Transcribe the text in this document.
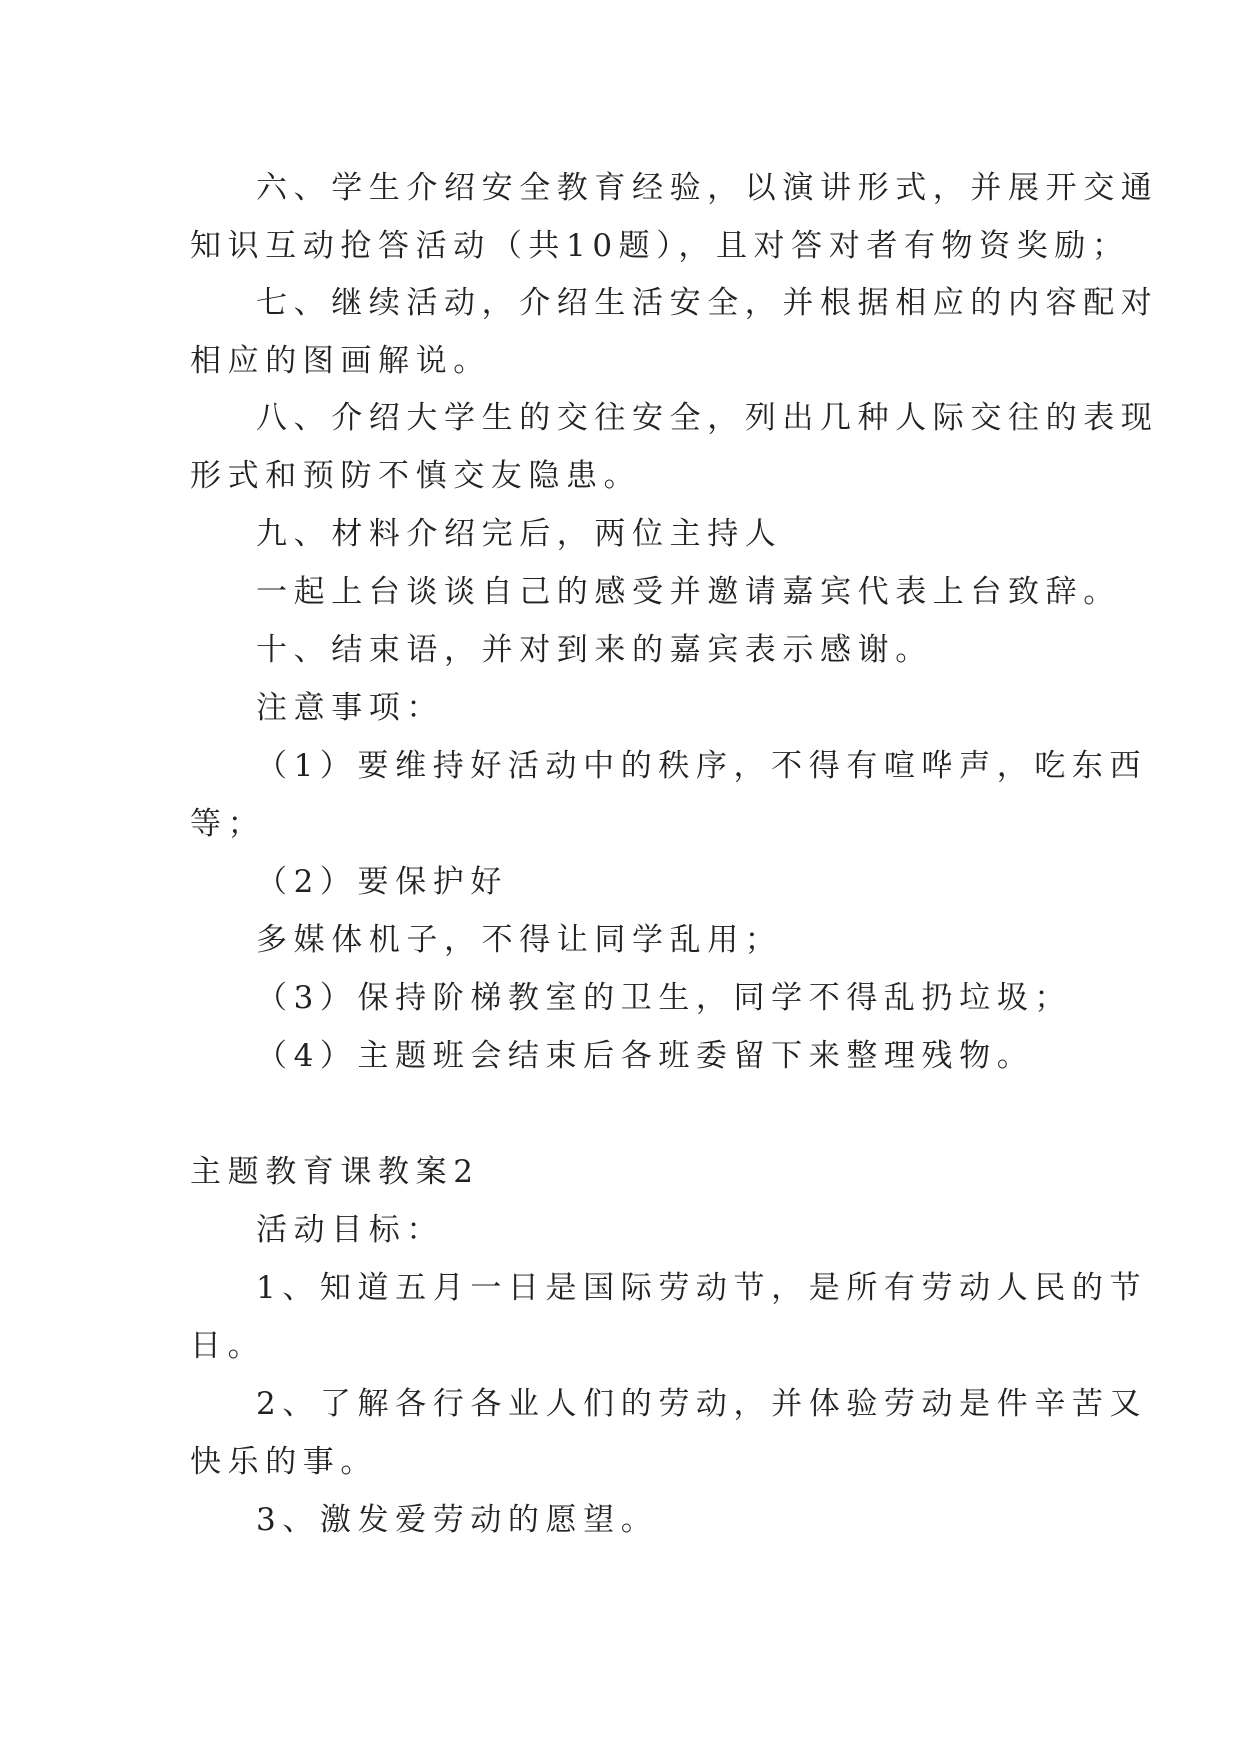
六、学生介绍安全教育经验，以演讲形式，并展开交通
知识互动抢答活动（共10题），且对答对者有物资奖励；
七、继续活动，介绍生活安全，并根据相应的内容配对
相应的图画解说。
八、介绍大学生的交往安全，列出几种人际交往的表现
形式和预防不慎交友隐患。
九、材料介绍完后，两位主持人
一起上台谈谈自己的感受并邀请嘉宾代表上台致辞。
十、结束语，并对到来的嘉宾表示感谢。
注意事项：
（1）要维持好活动中的秩序，不得有喧哗声，吃东西
等；
（2）要保护好
多媒体机子，不得让同学乱用；
（3）保持阶梯教室的卫生，同学不得乱扔垃圾；
（4）主题班会结束后各班委留下来整理残物。
主题教育课教案2
活动目标：
1、知道五月一日是国际劳动节，是所有劳动人民的节
日。
2、了解各行各业人们的劳动，并体验劳动是件辛苦又
快乐的事。
3、激发爱劳动的愿望。
